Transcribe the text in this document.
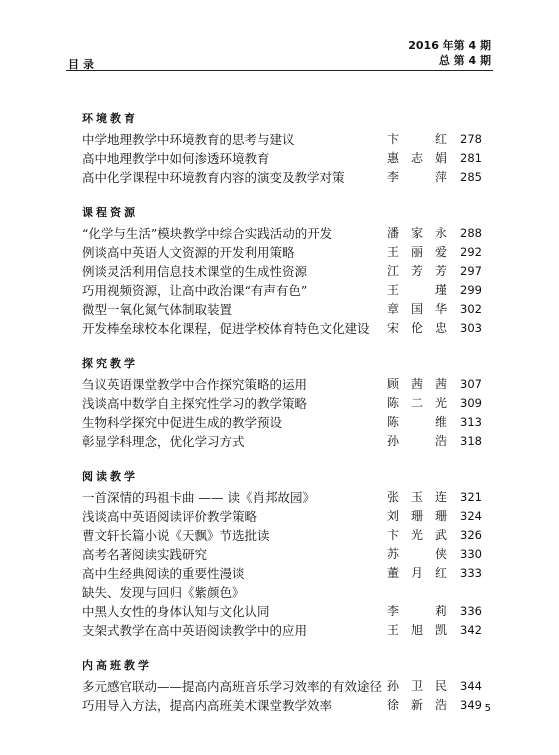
目录
2016 年第 4 期
总 第 4 期
环境教育
中学地理教学中环境教育的思考与建议	卞红	278
高中地理教学中如何渗透环境教育	惠志娟	281
高中化学课程中环境教育内容的演变及教学对策	李萍	285
课程资源
“化学与生活”模块教学中综合实践活动的开发	潘家永	288
例谈高中英语人文资源的开发利用策略	王丽爱	292
例谈灵活利用信息技术课堂的生成性资源	江芳芳	297
巧用视频资源，让高中政治课“有声有色”	王瑾	299
微型一氧化氮气体制取装置	章国华	302
开发棒垒球校本化课程，促进学校体育特色文化建设 宋伦忠	303
探究教学
刍议英语课堂教学中合作探究策略的运用	顾茜茜	307
浅谈高中数学自主探究性学习的教学策略	陈二光	309
生物科学探究中促进生成的教学预设	陈维	313
彰显学科理念，优化学习方式	孙浩	318
阅读教学
一首深情的玛祖卡曲 —— 读《肖邦故园》	张玉连	321
浅谈高中英语阅读评价教学策略	刘珊珊	324
曹文轩长篇小说《天飘》节选批读	卞光武	326
高考名著阅读实践研究	苏侠	330
高中生经典阅读的重要性漫谈	董月红	333
缺失、发现与回归《紫颜色》
中黑人女性的身体认知与文化认同	李莉	336
支架式教学在高中英语阅读教学中的应用	王旭凯	342
内高班教学
多元感官联动——提高内高班音乐学习效率的有效途径 孙卫民	344
巧用导入方法，提高内高班美术课堂教学效率	徐新浩	349 5
